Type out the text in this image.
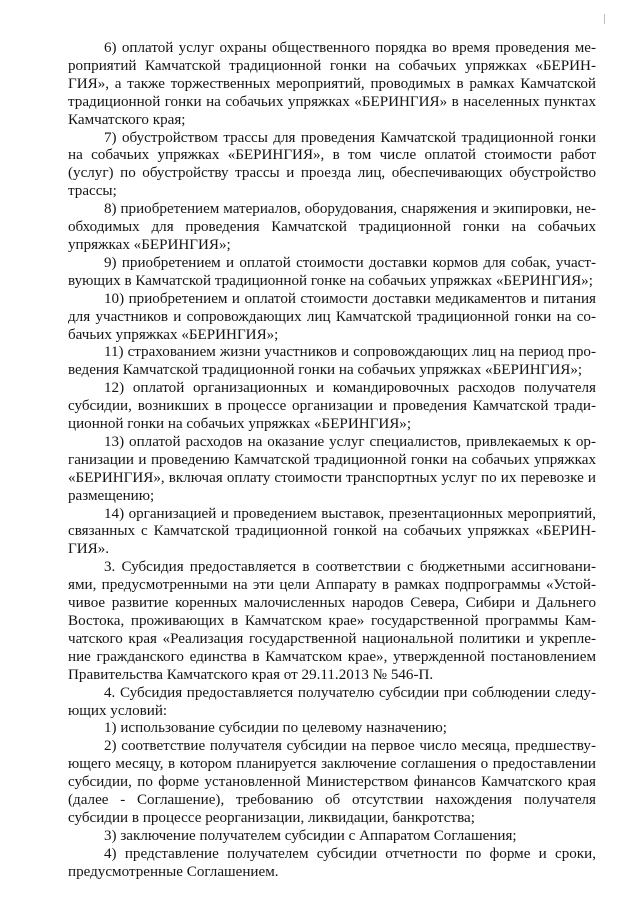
6) оплатой услуг охраны общественного порядка во время проведения мероприятий Камчатской традиционной гонки на собачьих упряжках «БЕРИНГИЯ», а также торжественных мероприятий, проводимых в рамках Камчатской традиционной гонки на собачьих упряжках «БЕРИНГИЯ» в населенных пунктах Камчатского края;

7) обустройством трассы для проведения Камчатской традиционной гонки на собачьих упряжках «БЕРИНГИЯ», в том числе оплатой стоимости работ (услуг) по обустройству трассы и проезда лиц, обеспечивающих обустройство трассы;

8) приобретением материалов, оборудования, снаряжения и экипировки, необходимых для проведения Камчатской традиционной гонки на собачьих упряжках «БЕРИНГИЯ»;

9) приобретением и оплатой стоимости доставки кормов для собак, участвующих в Камчатской традиционной гонке на собачьих упряжках «БЕРИНГИЯ»;

10) приобретением и оплатой стоимости доставки медикаментов и питания для участников и сопровождающих лиц Камчатской традиционной гонки на собачьих упряжках «БЕРИНГИЯ»;

11) страхованием жизни участников и сопровождающих лиц на период проведения Камчатской традиционной гонки на собачьих упряжках «БЕРИНГИЯ»;

12) оплатой организационных и командировочных расходов получателя субсидии, возникших в процессе организации и проведения Камчатской традиционной гонки на собачьих упряжках «БЕРИНГИЯ»;

13) оплатой расходов на оказание услуг специалистов, привлекаемых к организации и проведению Камчатской традиционной гонки на собачьих упряжках «БЕРИНГИЯ», включая оплату стоимости транспортных услуг по их перевозке и размещению;

14) организацией и проведением выставок, презентационных мероприятий, связанных с Камчатской традиционной гонкой на собачьих упряжках «БЕРИНГИЯ».

3. Субсидия предоставляется в соответствии с бюджетными ассигнованиями, предусмотренными на эти цели Аппарату в рамках подпрограммы «Устойчивое развитие коренных малочисленных народов Севера, Сибири и Дальнего Востока, проживающих в Камчатском крае» государственной программы Камчатского края «Реализация государственной национальной политики и укрепление гражданского единства в Камчатском крае», утвержденной постановлением Правительства Камчатского края от 29.11.2013 № 546-П.

4. Субсидия предоставляется получателю субсидии при соблюдении следующих условий:

1) использование субсидии по целевому назначению;

2) соответствие получателя субсидии на первое число месяца, предшествующего месяцу, в котором планируется заключение соглашения о предоставлении субсидии, по форме установленной Министерством финансов Камчатского края (далее - Соглашение), требованию об отсутствии нахождения получателя субсидии в процессе реорганизации, ликвидации, банкротства;

3) заключение получателем субсидии с Аппаратом Соглашения;

4) представление получателем субсидии отчетности по форме и сроки, предусмотренные Соглашением.
